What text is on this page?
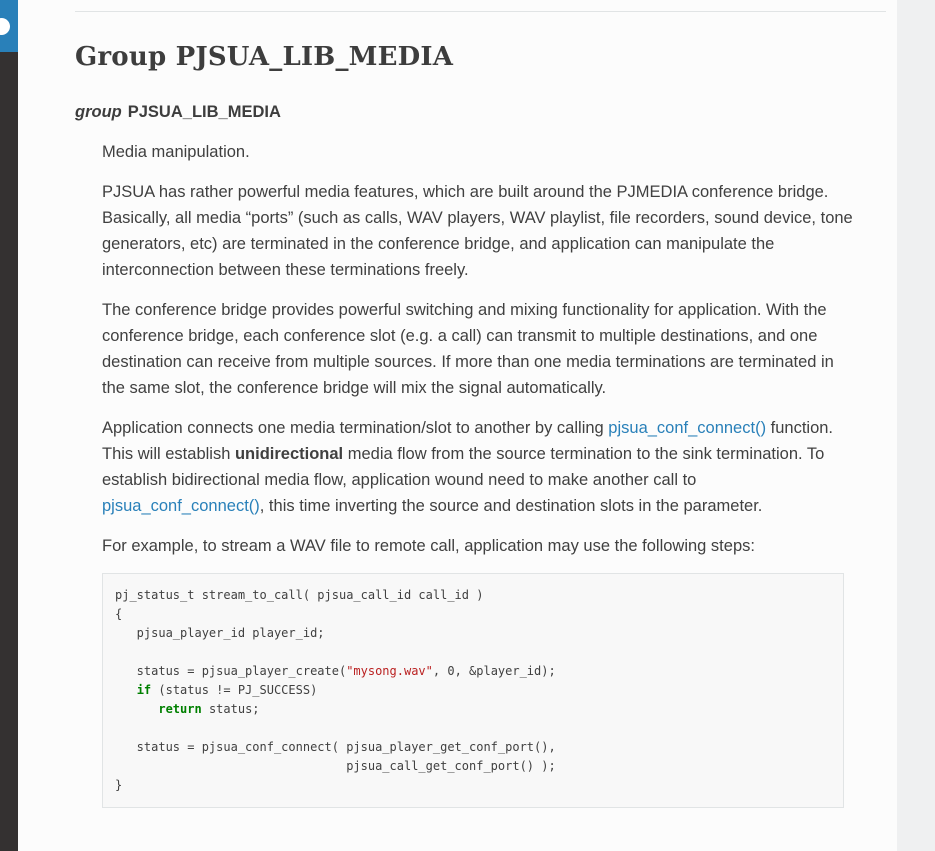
Group PJSUA_LIB_MEDIA
group PJSUA_LIB_MEDIA

Media manipulation.

PJSUA has rather powerful media features, which are built around the PJMEDIA conference bridge. Basically, all media “ports” (such as calls, WAV players, WAV playlist, file recorders, sound device, tone generators, etc) are terminated in the conference bridge, and application can manipulate the interconnection between these terminations freely.

The conference bridge provides powerful switching and mixing functionality for application. With the conference bridge, each conference slot (e.g. a call) can transmit to multiple destinations, and one destination can receive from multiple sources. If more than one media terminations are terminated in the same slot, the conference bridge will mix the signal automatically.

Application connects one media termination/slot to another by calling pjsua_conf_connect() function. This will establish unidirectional media flow from the source termination to the sink termination. To establish bidirectional media flow, application wound need to make another call to pjsua_conf_connect(), this time inverting the source and destination slots in the parameter.

For example, to stream a WAV file to remote call, application may use the following steps:

pj_status_t stream_to_call( pjsua_call_id call_id )
{
pjsua_player_id player_id;
status = pjsua_player_create("mysong.wav", 0, &player_id);
if (status != PJ_SUCCESS)
return status;
status = pjsua_conf_connect( pjsua_player_get_conf_port(),
pjsua_call_get_conf_port() );
}
